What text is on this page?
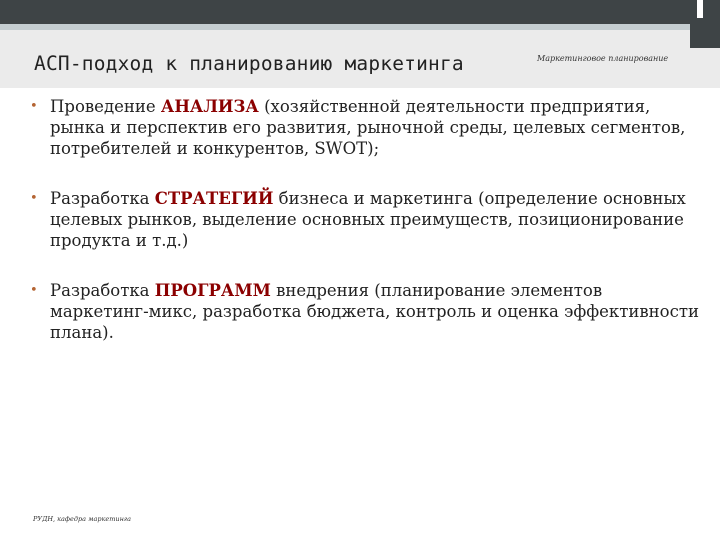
АСП-подход к планированию маркетинга	Маркетинговое планирование
• Проведение АНАЛИЗА (хозяйственной деятельности предприятия, рынка и перспектив его развития, рыночной среды, целевых сегментов, потребителей и конкурентов, SWOT);
• Разработка СТРАТЕГИЙ бизнеса и маркетинга (определение основных целевых рынков, выделение основных преимуществ, позиционирование продукта и т.д.)
• Разработка ПРОГРАММ внедрения (планирование элементов маркетинг-микс, разработка бюджета, контроль и оценка эффективности плана).
РУДН, кафедра маркетинга
